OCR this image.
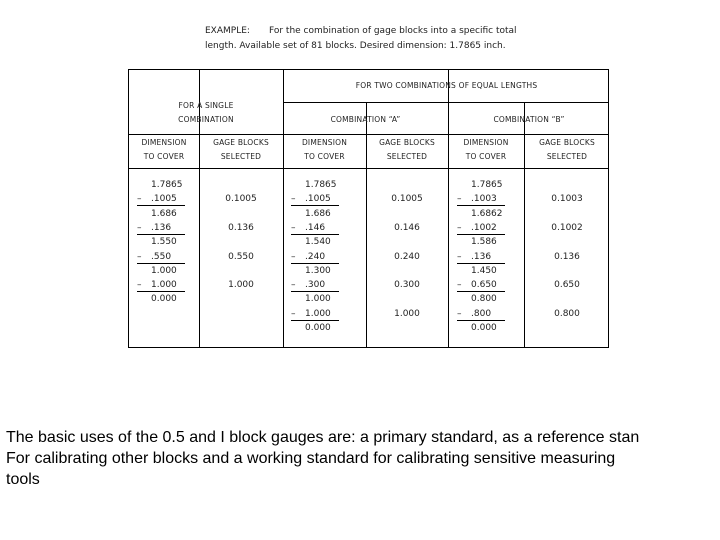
EXAMPLE: For the combination of gage blocks into a specific total
length. Available set of 81 blocks. Desired dimension: 1.7865 inch.
FOR A SINGLE
COMBINATION
FOR TWO COMBINATIONS OF EQUAL LENGTHS
COMBINATION “A”	COMBINATION “B”
DIMENSION
TO COVER
GAGE BLOCKS
SELECTED
DIMENSION
TO COVER
GAGE BLOCKS
SELECTED
DIMENSION
TO COVER
GAGE BLOCKS
SELECTED
1.7865
– .1005
1.686
– .136
1.550
– .550
1.000
– 1.000
0.000
0.1005
0.136
0.550
1.000
1.7865
– .1005
1.686
– .146
1.540
– .240
1.300
– .300
1.000
– 1.000
0.000
0.1005
0.146
0.240
0.300
1.000
1.7865
– .1003
1.6862
– .1002
1.586
– .136
1.450
– 0.650
0.800
– .800
0.000
0.1003
0.1002
0.136
0.650
0.800
The basic uses of the 0.5 and I block gauges are: a primary standard, as a reference stan
For calibrating other blocks and a working standard for calibrating sensitive measuring
tools
